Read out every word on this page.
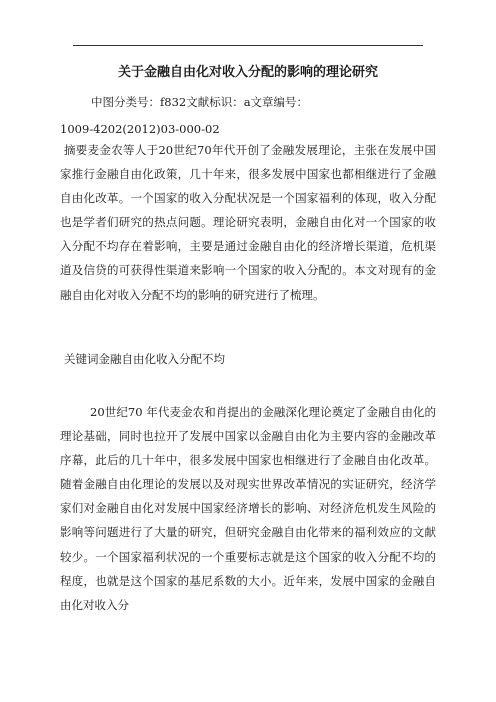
关于金融自由化对收入分配的影响的理论研究
中图分类号：f832文献标识：a文章编号：
1009-4202(2012)03-000-02
摘要麦金农等人于20世纪70年代开创了金融发展理论，主张在发展中国家推行金融自由化政策，几十年来，很多发展中国家也都相继进行了金融自由化改革。一个国家的收入分配状况是一个国家福利的体现，收入分配也是学者们研究的热点问题。理论研究表明，金融自由化对一个国家的收入分配不均存在着影响，主要是通过金融自由化的经济增长渠道，危机渠道及信贷的可获得性渠道来影响一个国家的收入分配的。本文对现有的金融自由化对收入分配不均的影响的研究进行了梳理。
关键词金融自由化收入分配不均
20世纪70 年代麦金农和肖提出的金融深化理论奠定了金融自由化的理论基础，同时也拉开了发展中国家以金融自由化为主要内容的金融改革序幕，此后的几十年中，很多发展中国家也相继进行了金融自由化改革。随着金融自由化理论的发展以及对现实世界改革情况的实证研究，经济学家们对金融自由化对发展中国家经济增长的影响、对经济危机发生风险的影响等问题进行了大量的研究，但研究金融自由化带来的福利效应的文献较少。一个国家福利状况的一个重要标志就是这个国家的收入分配不均的程度，也就是这个国家的基尼系数的大小。近年来，发展中国家的金融自由化对收入分
